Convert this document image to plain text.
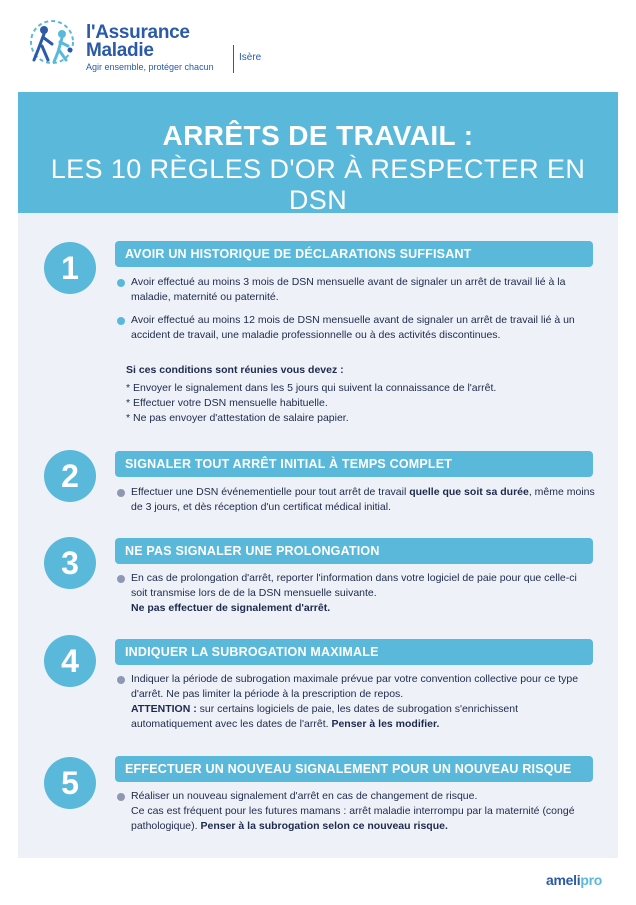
l'Assurance
Maladie
Agir ensemble, protéger chacun
Isère
ARRÊTS DE TRAVAIL :
LES 10 RÈGLES D'OR À RESPECTER EN DSN
1	AVOIR UN HISTORIQUE DE DÉCLARATIONS SUFFISANT
Avoir effectué au moins 3 mois de DSN mensuelle avant de signaler un arrêt de travail lié à la maladie, maternité ou paternité.
Avoir effectué au moins 12 mois de DSN mensuelle avant de signaler un arrêt de travail lié à un accident de travail, une maladie professionnelle ou à des activités discontinues.
Si ces conditions sont réunies vous devez :
* Envoyer le signalement dans les 5 jours qui suivent la connaissance de l'arrêt.
* Effectuer votre DSN mensuelle habituelle.
* Ne pas envoyer d'attestation de salaire papier.
2	SIGNALER TOUT ARRÊT INITIAL À TEMPS COMPLET
Effectuer une DSN événementielle pour tout arrêt de travail quelle que soit sa durée, même moins de 3 jours, et dès réception d'un certificat médical initial.
3	NE PAS SIGNALER UNE PROLONGATION
En cas de prolongation d'arrêt, reporter l'information dans votre logiciel de paie pour que celle-ci soit transmise lors de de la DSN mensuelle suivante.
Ne pas effectuer de signalement d'arrêt.
4	INDIQUER LA SUBROGATION MAXIMALE
Indiquer la période de subrogation maximale prévue par votre convention collective pour ce type d'arrêt. Ne pas limiter la période à la prescription de repos.
ATTENTION : sur certains logiciels de paie, les dates de subrogation s'enrichissent automatiquement avec les dates de l'arrêt. Penser à les modifier.
5	EFFECTUER UN NOUVEAU SIGNALEMENT POUR UN NOUVEAU RISQUE
Réaliser un nouveau signalement d'arrêt en cas de changement de risque.
Ce cas est fréquent pour les futures mamans : arrêt maladie interrompu par la maternité (congé pathologique). Penser à la subrogation selon ce nouveau risque.
amelipro
